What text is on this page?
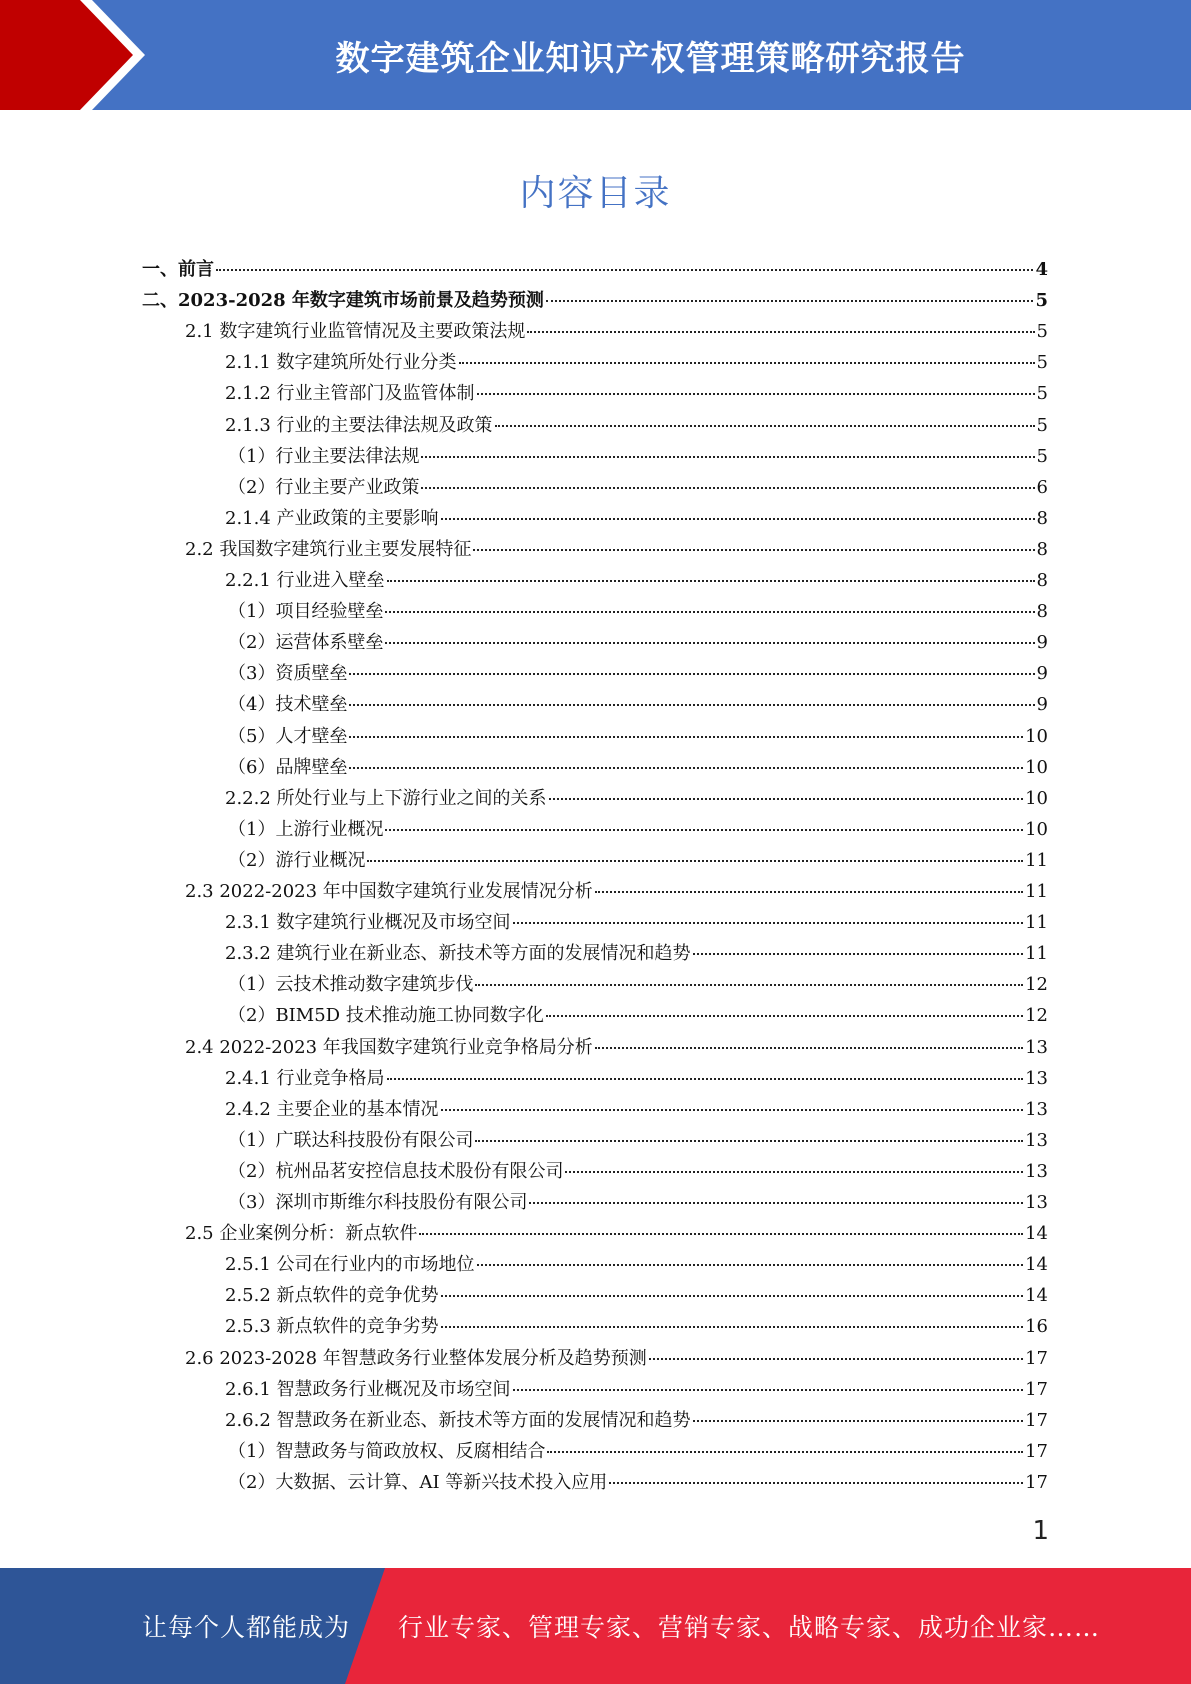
数字建筑企业知识产权管理策略研究报告
内容目录
一、前言	4
二、2023-2028 年数字建筑市场前景及趋势预测	5
2.1 数字建筑行业监管情况及主要政策法规	5
2.1.1 数字建筑所处行业分类	5
2.1.2 行业主管部门及监管体制	5
2.1.3 行业的主要法律法规及政策	5
（1）行业主要法律法规	5
（2）行业主要产业政策	6
2.1.4 产业政策的主要影响	8
2.2 我国数字建筑行业主要发展特征	8
2.2.1 行业进入壁垒	8
（1）项目经验壁垒	8
（2）运营体系壁垒	9
（3）资质壁垒	9
（4）技术壁垒	9
（5）人才壁垒	10
（6）品牌壁垒	10
2.2.2 所处行业与上下游行业之间的关系	10
（1）上游行业概况	10
（2）游行业概况	11
2.3 2022-2023 年中国数字建筑行业发展情况分析	11
2.3.1 数字建筑行业概况及市场空间	11
2.3.2 建筑行业在新业态、新技术等方面的发展情况和趋势	11
（1）云技术推动数字建筑步伐	12
（2）BIM5D 技术推动施工协同数字化	12
2.4 2022-2023 年我国数字建筑行业竞争格局分析	13
2.4.1 行业竞争格局	13
2.4.2 主要企业的基本情况	13
（1）广联达科技股份有限公司	13
（2）杭州品茗安控信息技术股份有限公司	13
（3）深圳市斯维尔科技股份有限公司	13
2.5 企业案例分析：新点软件	14
2.5.1 公司在行业内的市场地位	14
2.5.2 新点软件的竞争优势	14
2.5.3 新点软件的竞争劣势	16
2.6 2023-2028 年智慧政务行业整体发展分析及趋势预测	17
2.6.1 智慧政务行业概况及市场空间	17
2.6.2 智慧政务在新业态、新技术等方面的发展情况和趋势	17
（1）智慧政务与简政放权、反腐相结合	17
（2）大数据、云计算、AI 等新兴技术投入应用	17
1
让每个人都能成为 行业专家、管理专家、营销专家、战略专家、成功企业家……
